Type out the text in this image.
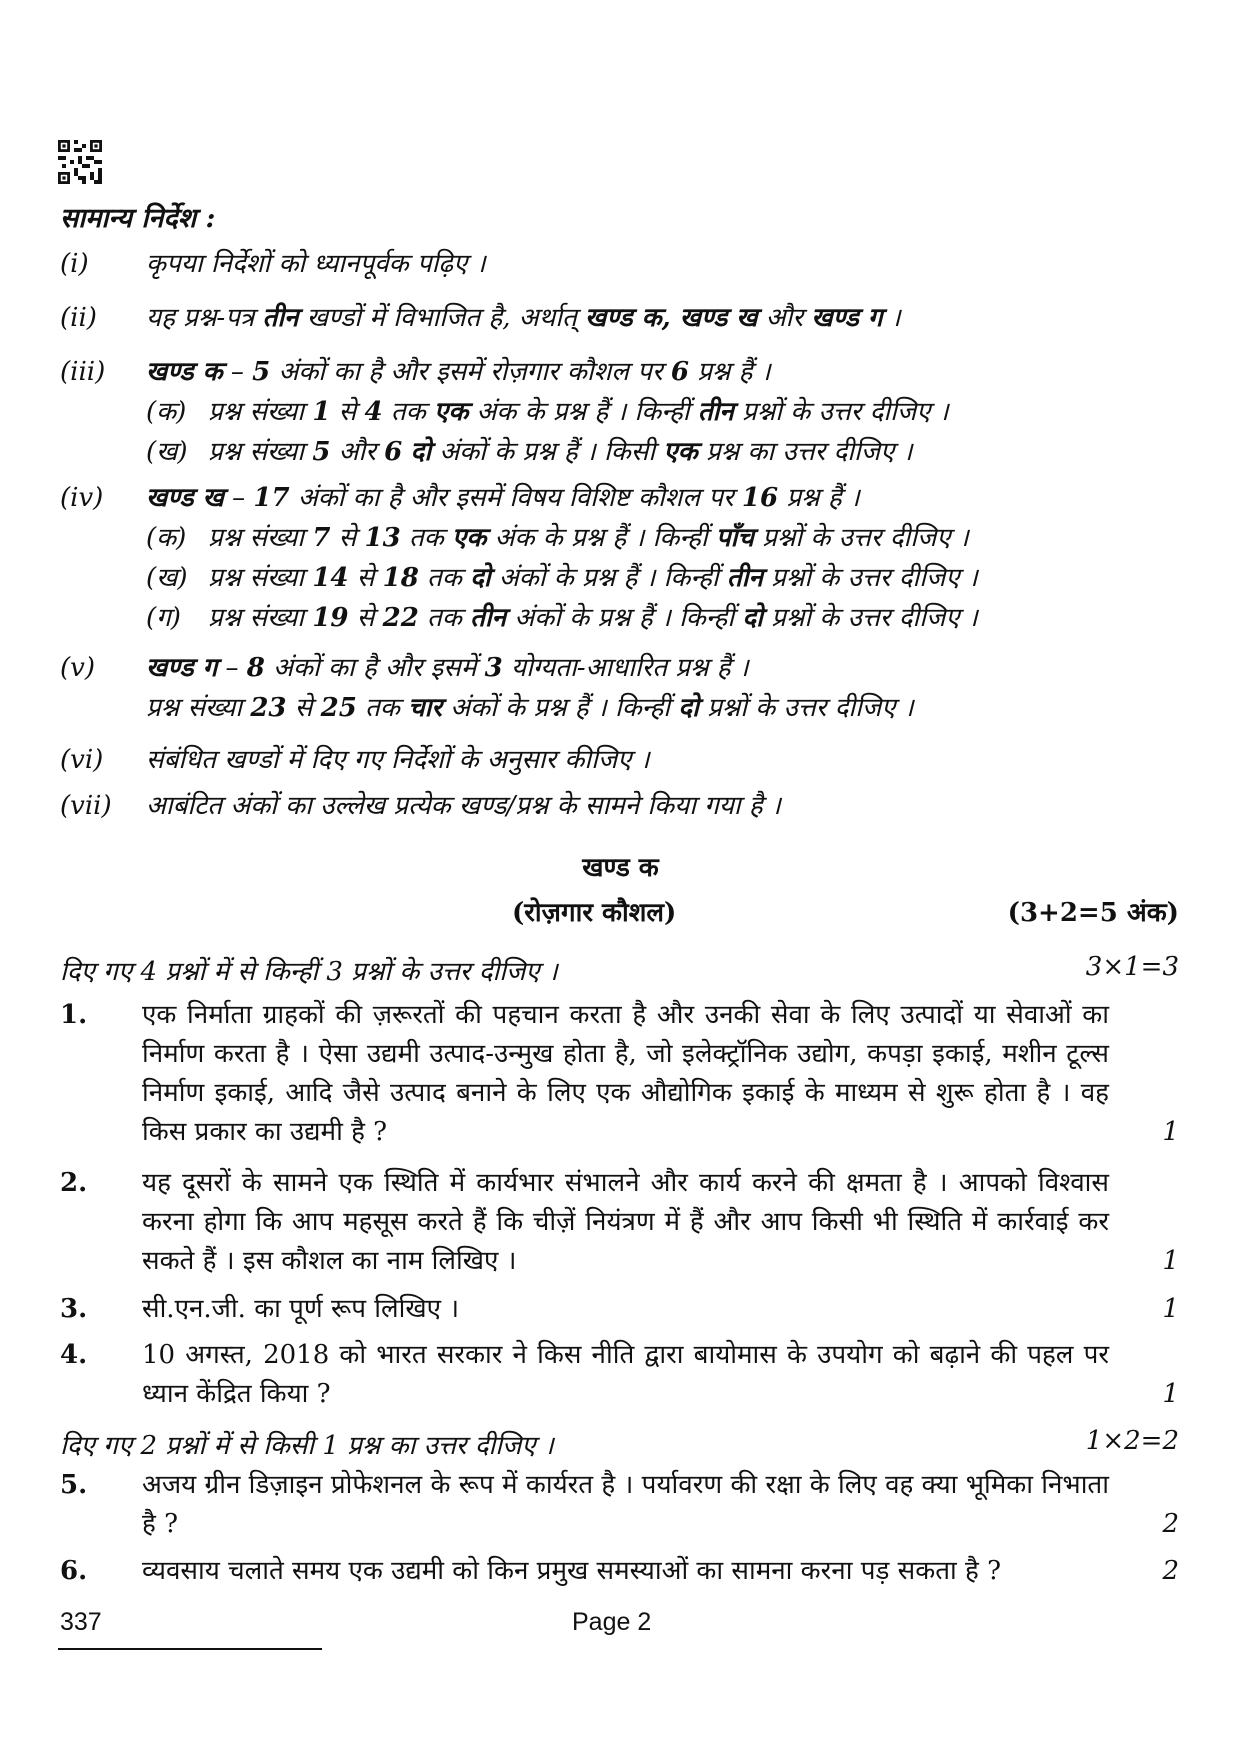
सामान्य निर्देश :
(i)	कृपया निर्देशों को ध्यानपूर्वक पढ़िए ।
(ii)	यह प्रश्न-पत्र तीन खण्डों में विभाजित है, अर्थात् खण्ड क, खण्ड ख और खण्ड ग ।
(iii)	खण्ड क – 5 अंकों का है और इसमें रोज़गार कौशल पर 6 प्रश्न हैं ।
(क) प्रश्न संख्या 1 से 4 तक एक अंक के प्रश्न हैं । किन्हीं तीन प्रश्नों के उत्तर दीजिए ।
(ख) प्रश्न संख्या 5 और 6 दो अंकों के प्रश्न हैं । किसी एक प्रश्न का उत्तर दीजिए ।
(iv)	खण्ड ख – 17 अंकों का है और इसमें विषय विशिष्ट कौशल पर 16 प्रश्न हैं ।
(क) प्रश्न संख्या 7 से 13 तक एक अंक के प्रश्न हैं । किन्हीं पाँच प्रश्नों के उत्तर दीजिए ।
(ख) प्रश्न संख्या 14 से 18 तक दो अंकों के प्रश्न हैं । किन्हीं तीन प्रश्नों के उत्तर दीजिए ।
(ग) प्रश्न संख्या 19 से 22 तक तीन अंकों के प्रश्न हैं । किन्हीं दो प्रश्नों के उत्तर दीजिए ।
(v)	खण्ड ग – 8 अंकों का है और इसमें 3 योग्यता-आधारित प्रश्न हैं ।
प्रश्न संख्या 23 से 25 तक चार अंकों के प्रश्न हैं । किन्हीं दो प्रश्नों के उत्तर दीजिए ।
(vi)	संबंधित खण्डों में दिए गए निर्देशों के अनुसार कीजिए ।
(vii)	आबंटित अंकों का उल्लेख प्रत्येक खण्ड/प्रश्न के सामने किया गया है ।
खण्ड क
(रोज़गार कौशल)	(3+2=5 अंक)
दिए गए 4 प्रश्नों में से किन्हीं 3 प्रश्नों के उत्तर दीजिए ।	3×1=3
1. एक निर्माता ग्राहकों की ज़रूरतों की पहचान करता है और उनकी सेवा के लिए उत्पादों या सेवाओं का निर्माण करता है । ऐसा उद्यमी उत्पाद-उन्मुख होता है, जो इलेक्ट्रॉनिक उद्योग, कपड़ा इकाई, मशीन टूल्स निर्माण इकाई, आदि जैसे उत्पाद बनाने के लिए एक औद्योगिक इकाई के माध्यम से शुरू होता है । वह किस प्रकार का उद्यमी है ?	1
2. यह दूसरों के सामने एक स्थिति में कार्यभार संभालने और कार्य करने की क्षमता है । आपको विश्वास करना होगा कि आप महसूस करते हैं कि चीज़ें नियंत्रण में हैं और आप किसी भी स्थिति में कार्रवाई कर सकते हैं । इस कौशल का नाम लिखिए ।	1
3. सी.एन.जी. का पूर्ण रूप लिखिए ।	1
4. 10 अगस्त, 2018 को भारत सरकार ने किस नीति द्वारा बायोमास के उपयोग को बढ़ाने की पहल पर ध्यान केंद्रित किया ?	1
दिए गए 2 प्रश्नों में से किसी 1 प्रश्न का उत्तर दीजिए ।	1×2=2
5. अजय ग्रीन डिज़ाइन प्रोफेशनल के रूप में कार्यरत है । पर्यावरण की रक्षा के लिए वह क्या भूमिका निभाता है ?	2
6. व्यवसाय चलाते समय एक उद्यमी को किन प्रमुख समस्याओं का सामना करना पड़ सकता है ?	2
337	Page 2
